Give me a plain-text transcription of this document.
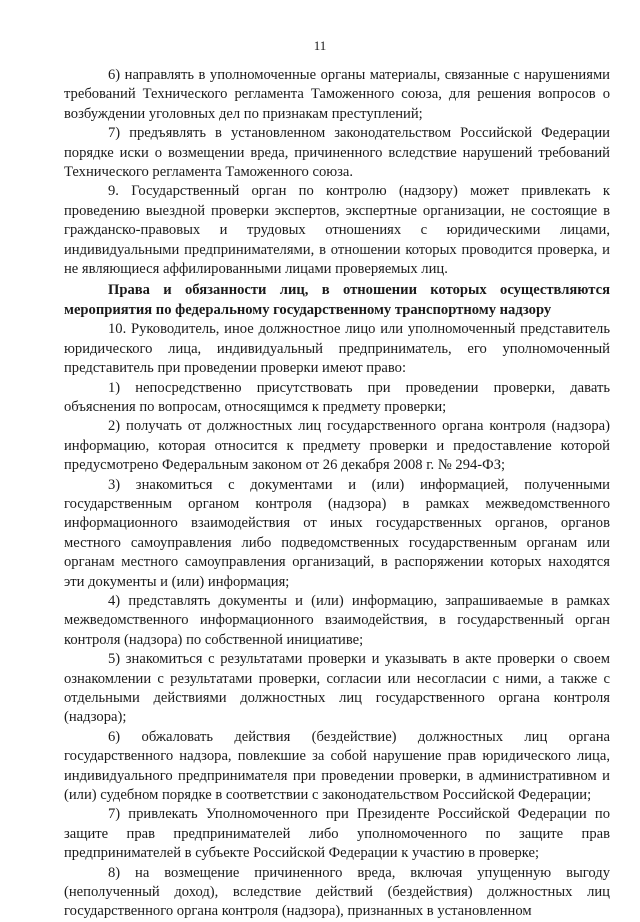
11

6) направлять в уполномоченные органы материалы, связанные с нарушениями требований Технического регламента Таможенного союза, для решения вопросов о возбуждении уголовных дел по признакам преступлений;

7) предъявлять в установленном законодательством Российской Федерации порядке иски о возмещении вреда, причиненного вследствие нарушений требований Технического регламента Таможенного союза.

9. Государственный орган по контролю (надзору) может привлекать к проведению выездной проверки экспертов, экспертные организации, не состоящие в гражданско-правовых и трудовых отношениях с юридическими лицами, индивидуальными предпринимателями, в отношении которых проводится проверка, и не являющиеся аффилированными лицами проверяемых лиц.

Права и обязанности лиц, в отношении которых осуществляются мероприятия по федеральному государственному транспортному надзору

10. Руководитель, иное должностное лицо или уполномоченный представитель юридического лица, индивидуальный предприниматель, его уполномоченный представитель при проведении проверки имеют право:

1) непосредственно присутствовать при проведении проверки, давать объяснения по вопросам, относящимся к предмету проверки;

2) получать от должностных лиц государственного органа контроля (надзора) информацию, которая относится к предмету проверки и предоставление которой предусмотрено Федеральным законом от 26 декабря 2008 г. № 294-ФЗ;

3) знакомиться с документами и (или) информацией, полученными государственным органом контроля (надзора) в рамках межведомственного информационного взаимодействия от иных государственных органов, органов местного самоуправления либо подведомственных государственным органам или органам местного самоуправления организаций, в распоряжении которых находятся эти документы и (или) информация;

4) представлять документы и (или) информацию, запрашиваемые в рамках межведомственного информационного взаимодействия, в государственный орган контроля (надзора) по собственной инициативе;

5) знакомиться с результатами проверки и указывать в акте проверки о своем ознакомлении с результатами проверки, согласии или несогласии с ними, а также с отдельными действиями должностных лиц государственного органа контроля (надзора);

6) обжаловать действия (бездействие) должностных лиц органа государственного надзора, повлекшие за собой нарушение прав юридического лица, индивидуального предпринимателя при проведении проверки, в административном и (или) судебном порядке в соответствии с законодательством Российской Федерации;

7) привлекать Уполномоченного при Президенте Российской Федерации по защите прав предпринимателей либо уполномоченного по защите прав предпринимателей в субъекте Российской Федерации к участию в проверке;

8) на возмещение причиненного вреда, включая упущенную выгоду (неполученный доход), вследствие действий (бездействия) должностных лиц государственного органа контроля (надзора), признанных в установленном
